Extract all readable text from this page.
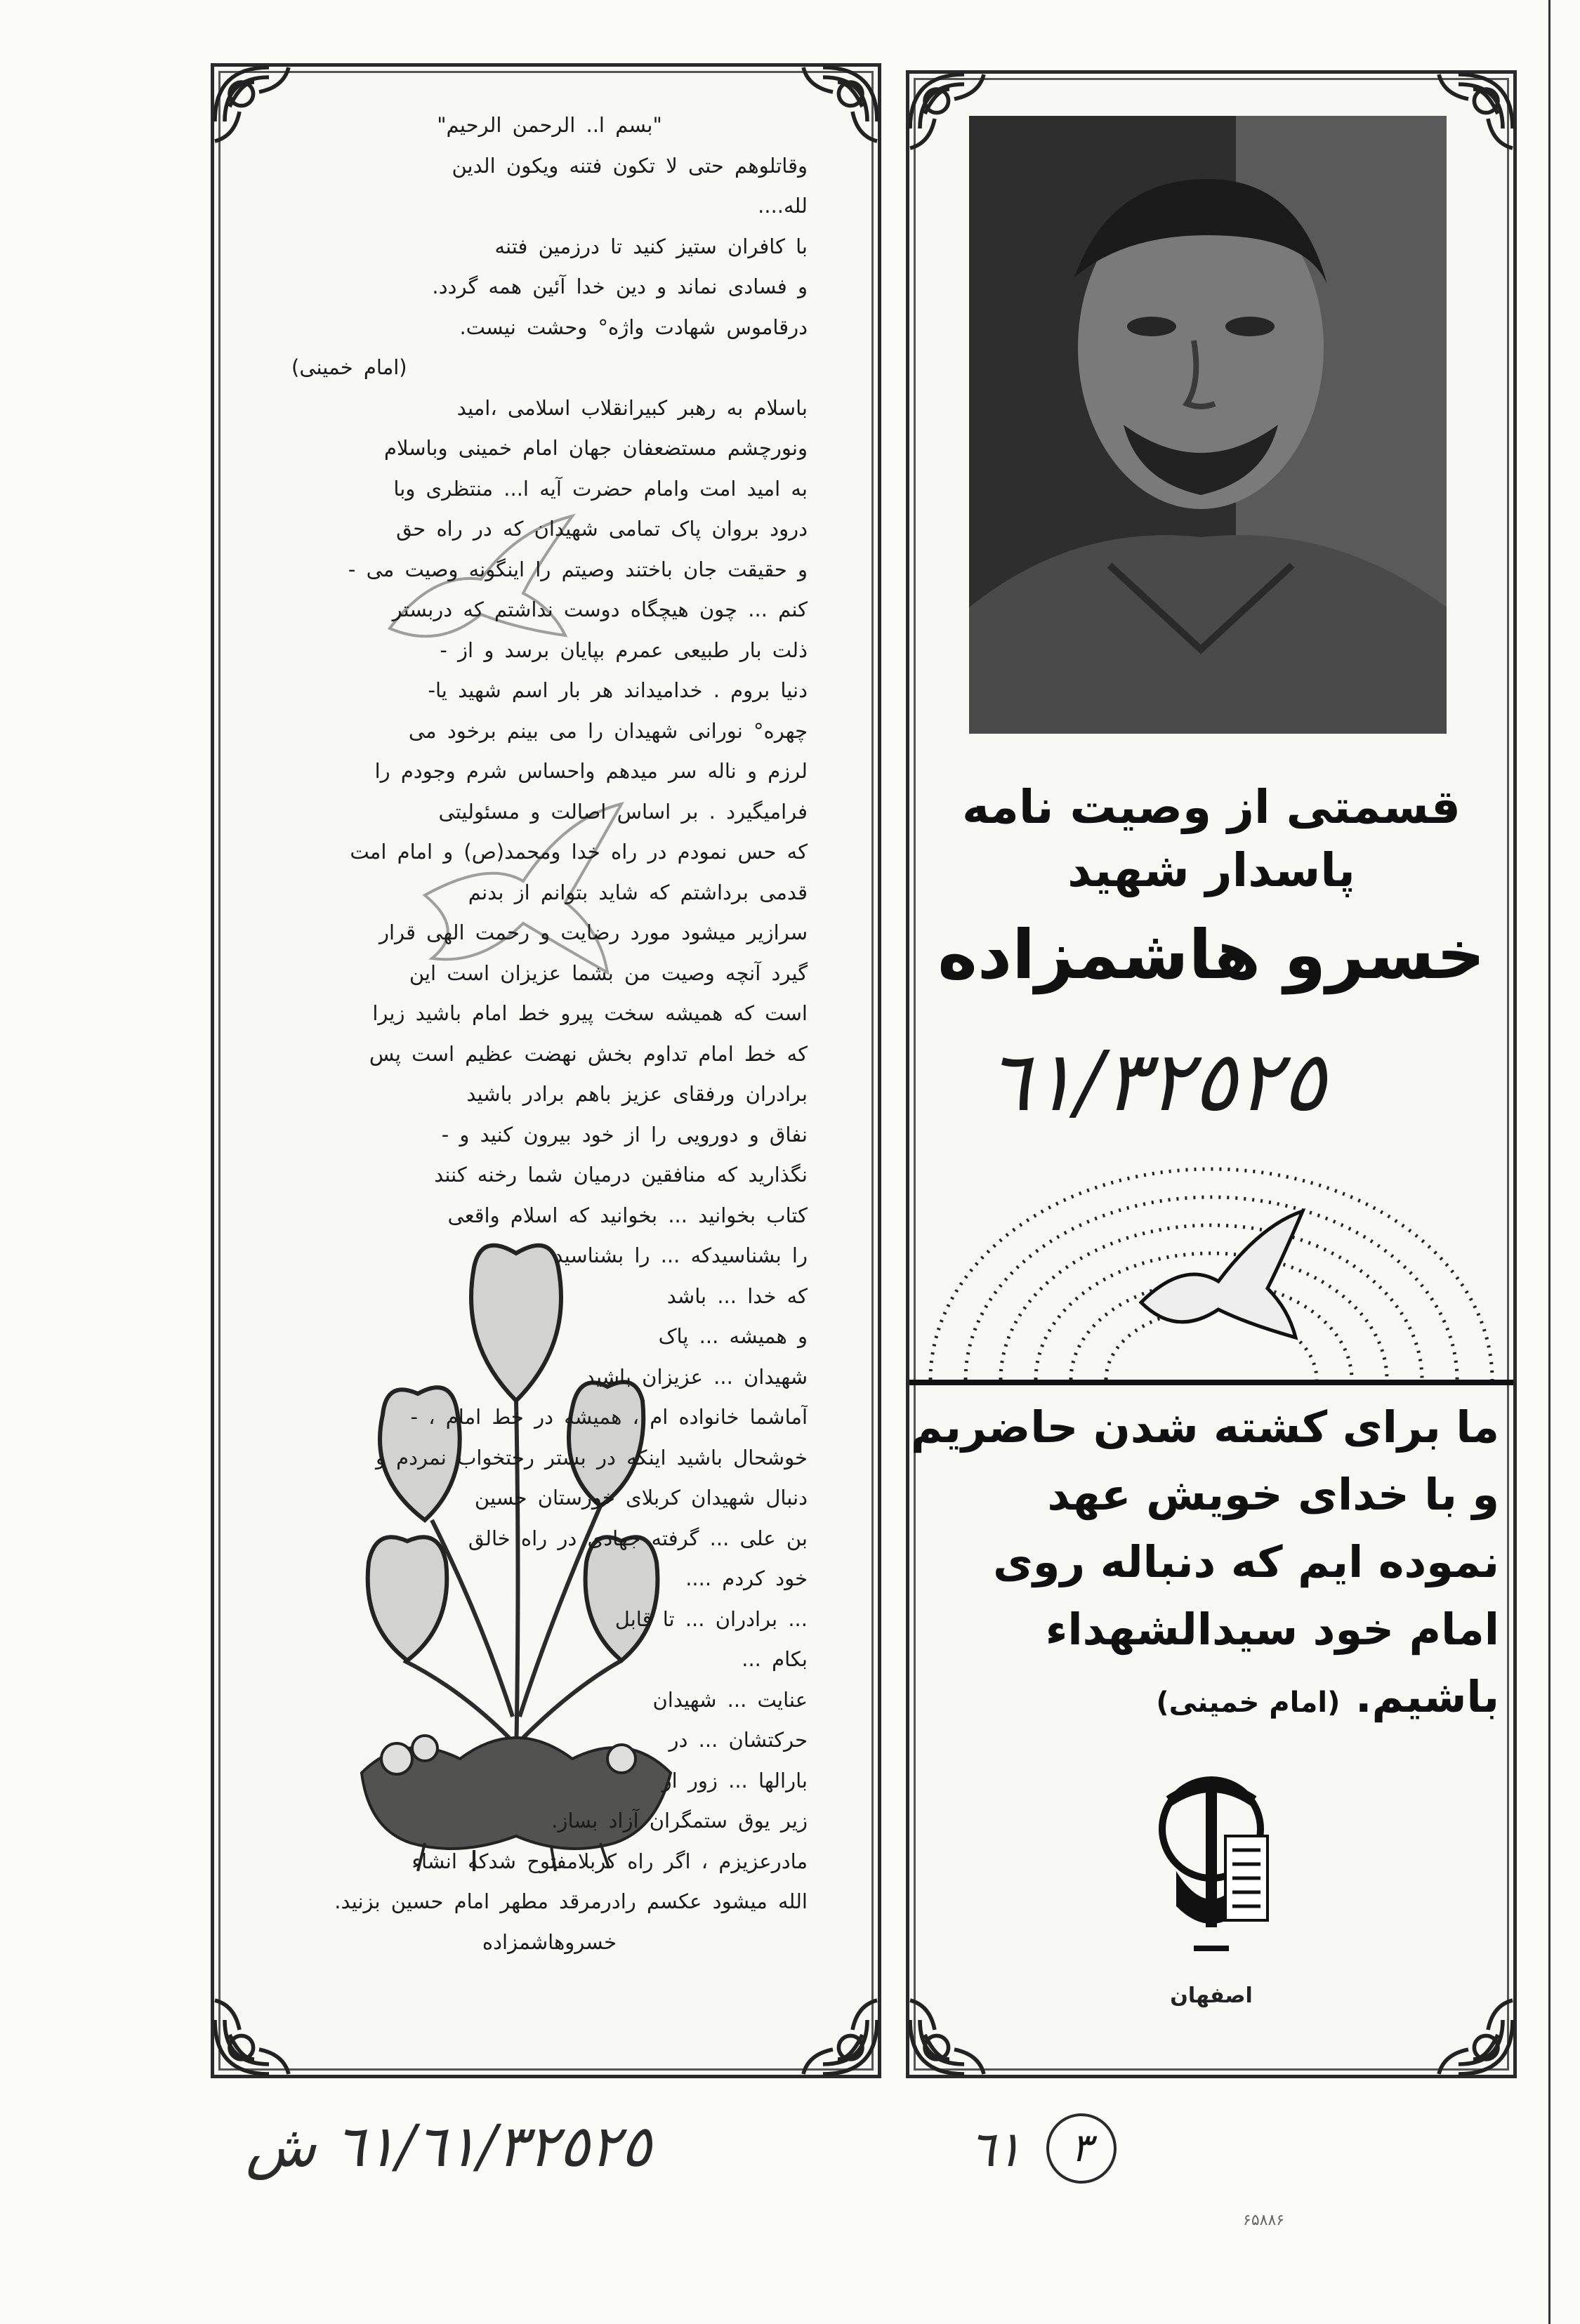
"بسم ا.. الرحمن الرحیم"
وقاتلوهم حتی لا تکون فتنه ویکون الدین
لله....
با کافران ستیز کنید تا درزمین فتنه
و فسادی نماند و دین خدا آئین همه گردد.
درقاموس شهادت واژه° وحشت نیست.
(امام خمینی)
باسلام به رهبر کبیرانقلاب اسلامی ،امید
ونورچشم مستضعفان جهان امام خمینی وباسلام
به امید امت وامام حضرت آیه ا... منتظری وبا
درود بروان پاک تمامی شهیدان که در راه حق
و حقیقت جان باختند وصیتم را اینگونه وصیت می -
کنم ... چون هیچگاه دوست نداشتم که دربستر
ذلت بار طبیعی عمرم بپایان برسد و از -
دنیا بروم . خدامیداند هر بار اسم شهید یا-
چهره° نورانی شهیدان را می بینم برخود می
لرزم و ناله سر میدهم واحساس شرم وجودم را
فرامیگیرد . بر اساس اصالت و مسئولیتی
که حس نمودم در راه خدا ومحمد(ص) و امام امت
قدمی برداشتم که شاید بتوانم از بدنم
سرازیر میشود مورد رضایت و رحمت الهی قرار
گیرد آنچه وصیت من بشما عزیزان است این
است که همیشه سخت پیرو خط امام باشید زیرا
که خط امام تداوم بخش نهضت عظیم است پس
برادران ورفقای عزیز باهم برادر باشید
نفاق و دورویی را از خود بیرون کنید و -
نگذارید که منافقین درمیان شما رخنه کنند
کتاب بخوانید ... بخوانید که اسلام واقعی
را بشناسیدکه ... را بشناسید
که خدا ... باشد
و همیشه ... پاک
شهیدان ... عزیزان باشید
آماشما خانواده ام ، همیشه در خط امام ، -
خوشحال باشید اینکه در بستر رختخواب نمردم و
دنبال شهیدان کربلای خوزستان حسین
بن علی ... گرفته جهادی در راه خالق
خود کردم ....
... برادران ... تا قابل
بکام ...
عنایت ... شهیدان
حرکتشان ... در
بارالها ... زور از
زیر یوق ستمگران آزاد بساز.
مادرعزیزم ، اگر راه کربلامفتوح شدکه انشاء
الله میشود عکسم رادرمرقد مطهر امام حسین بزنید.
خسروهاشمزاده
قسمتی از وصیت نامه
پاسدار شهید
خسرو هاشمزاده
٦١/٣٢٥٢٥
ما برای کشته شدن حاضریم
و با خدای خویش عهد
نموده ایم که دنباله روی
امام خود سیدالشهداء
باشیم. (امام خمینی)
اصفهان
٦١/٦١/٣٢٥٢٥ ش	٦١	٣
۶۵۸۸۶
